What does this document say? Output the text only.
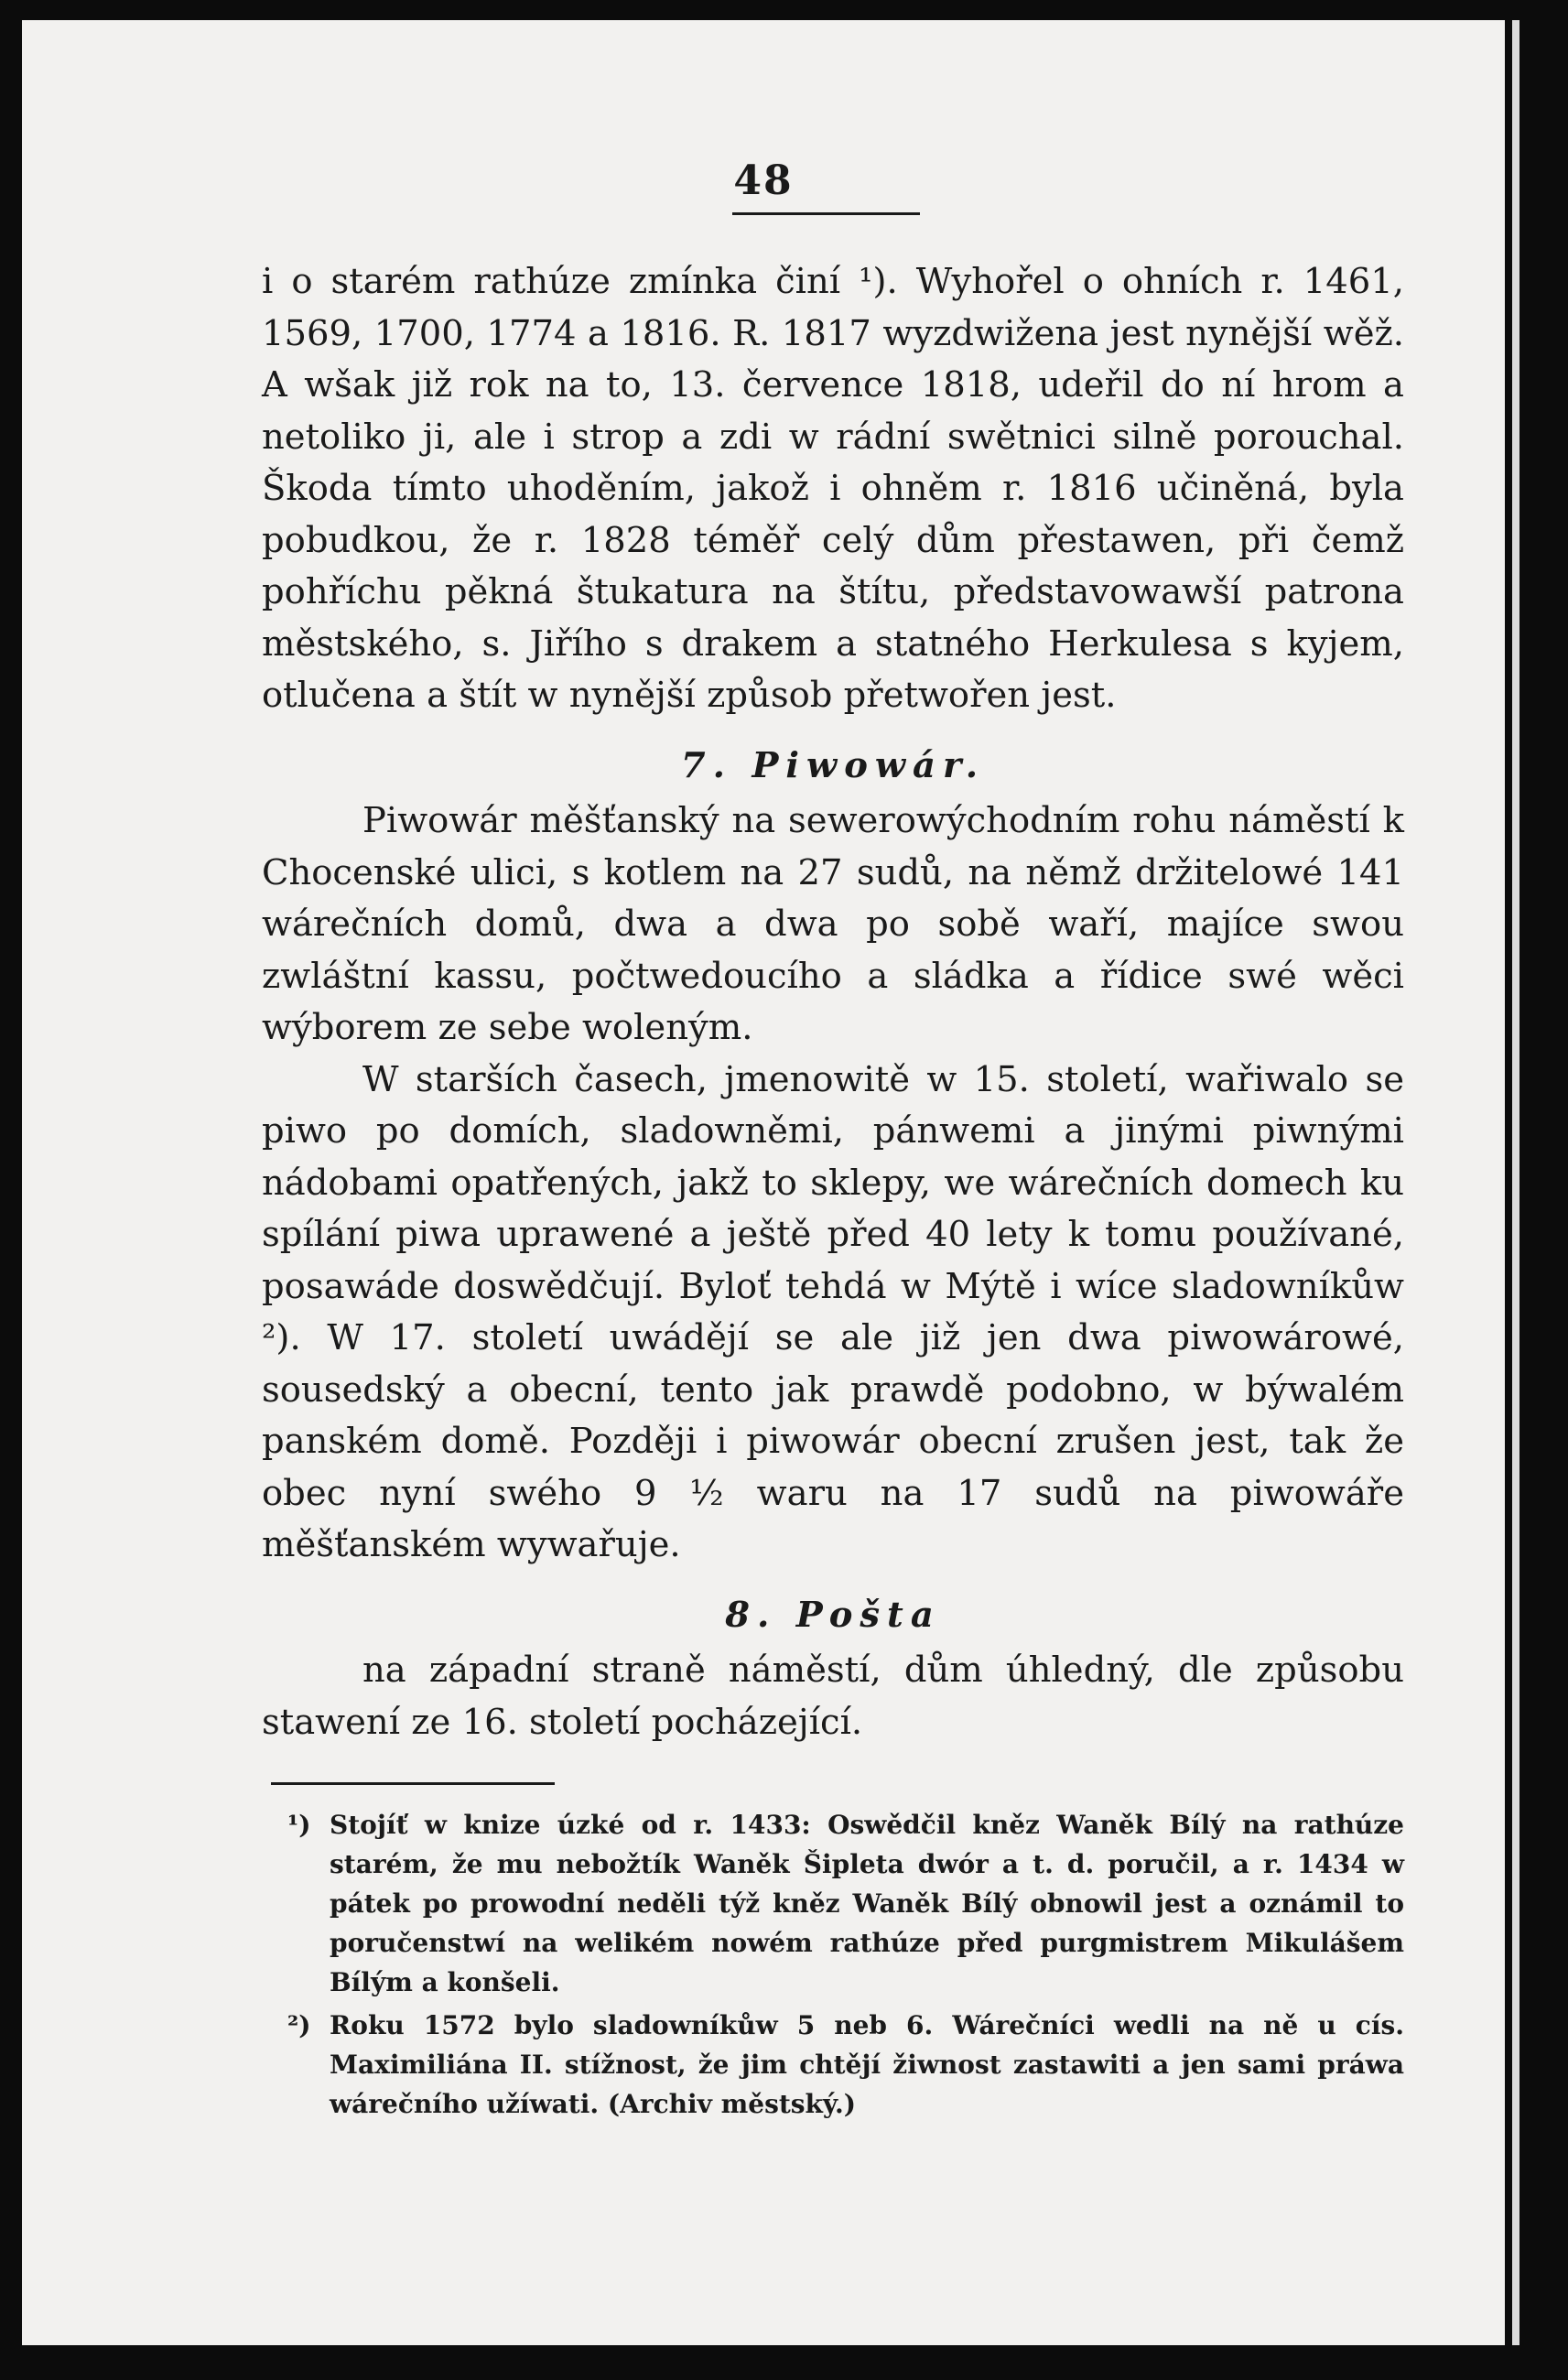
48

i o starém rathúze zmínka činí ¹). Wyhořel o ohních r. 1461, 1569, 1700, 1774 a 1816. R. 1817 wyzdwižena jest nynější wěž. A wšak již rok na to, 13. července 1818, udeřil do ní hrom a netoliko ji, ale i strop a zdi w rádní swětnici silně porouchal. Škoda tímto uhoděním, jakož i ohněm r. 1816 učiněná, byla pobudkou, že r. 1828 téměř celý dům přestawen, při čemž pohříchu pěkná štukatura na štítu, představowawší patrona městského, s. Jiřího s drakem a statného Herkulesa s kyjem, otlučena a štít w nynější způsob přetwořen jest.

7. Piwowár.

Piwowár měšťanský na sewerowýchodním rohu náměstí k Chocenské ulici, s kotlem na 27 sudů, na němž držitelowé 141 wárečních domů, dwa a dwa po sobě waří, majíce swou zwláštní kassu, počtwedoucího a sládka a řídice swé wěci wýborem ze sebe woleným.

W starších časech, jmenowitě w 15. století, wařiwalo se piwo po domích, sladowněmi, pánwemi a jinými piwnými nádobami opatřených, jakž to sklepy, we wárečních domech ku spílání piwa uprawené a ještě před 40 lety k tomu používané, posawáde doswědčují. Byloť tehdá w Mýtě i wíce sladowníkůw ²). W 17. století uwádějí se ale již jen dwa piwowárowé, sousedský a obecní, tento jak prawdě podobno, w býwalém panském domě. Později i piwowár obecní zrušen jest, tak že obec nyní swého 9 ½ waru na 17 sudů na piwowáře měšťanském wywařuje.

8. Pošta

na západní straně náměstí, dům úhledný, dle způsobu stawení ze 16. století pocházející.

¹) Stojíť w knize úzké od r. 1433: Oswědčil kněz Waněk Bílý na rathúze starém, že mu nebožtík Waněk Šipleta dwór a t. d. poručil, a r. 1434 w pátek po prowodní neděli týž kněz Waněk Bílý obnowil jest a oznámil to poručenstwí na welikém nowém rathúze před purgmistrem Mikulášem Bílým a konšeli.

²) Roku 1572 bylo sladowníkůw 5 neb 6. Wárečníci wedli na ně u cís. Maximiliána II. stížnost, že jim chtějí žiwnost zastawiti a jen sami práwa wárečního užíwati. (Archiv městský.)
